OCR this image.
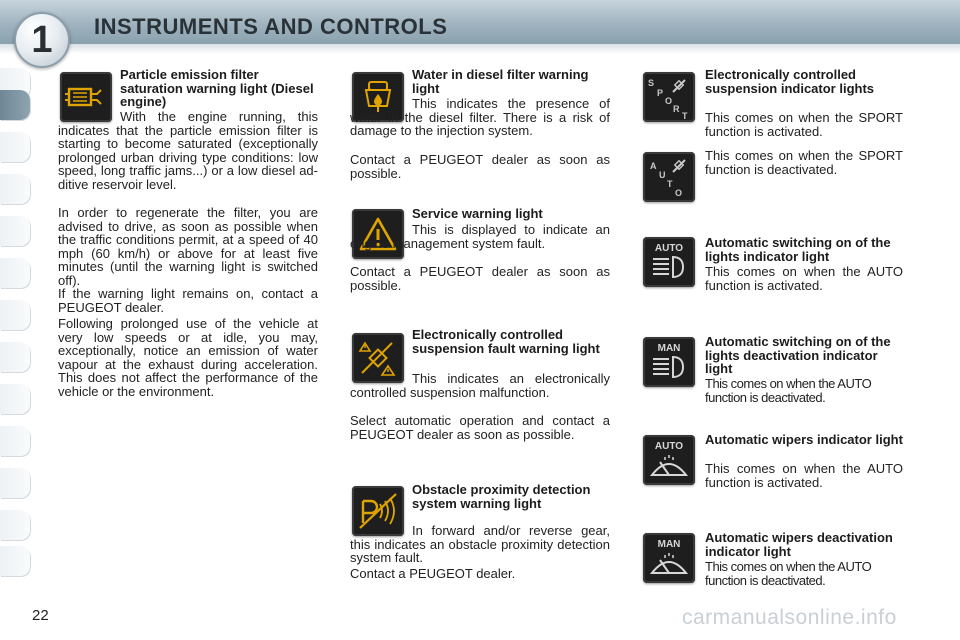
1	INSTRUMENTS AND CONTROLS
Particle emission filter saturation warning light (Diesel engine)
With the engine running, this indicates that the particle emission filter is starting to become saturated (exceptionally prolonged urban driving type conditions: low speed, long traffic jams...) or a low diesel additive reservoir level.
In order to regenerate the filter, you are advised to drive, as soon as possible when the traffic conditions permit, at a speed of 40 mph (60 km/h) or above for at least five minutes (until the warning light is switched off).
If the warning light remains on, contact a PEUGEOT dealer.
Following prolonged use of the vehicle at very low speeds or at idle, you may, exceptionally, notice an emission of water vapour at the exhaust during acceleration. This does not affect the performance of the vehicle or the environment.
Water in diesel filter warning light
This indicates the presence of water in the diesel filter. There is a risk of damage to the injection system.
Contact a PEUGEOT dealer as soon as possible.
Service warning light
This is displayed to indicate an engine management system fault.
Contact a PEUGEOT dealer as soon as possible.
Electronically controlled suspension fault warning light
This indicates an electronically controlled suspension malfunction.
Select automatic operation and contact a PEUGEOT dealer as soon as possible.
Obstacle proximity detection system warning light
In forward and/or reverse gear, this indicates an obstacle proximity detection system fault.
Contact a PEUGEOT dealer.
S
P
O
R
T
Electronically controlled suspension indicator lights
This comes on when the SPORT function is activated.
A
U
T
O
This comes on when the SPORT function is deactivated.
AUTO Automatic switching on of the lights indicator light
This comes on when the AUTO function is activated.
MAN Automatic switching on of the lights deactivation indicator light
This comes on when the AUTO function is deactivated.
AUTO Automatic wipers indicator light
This comes on when the AUTO function is activated.
MAN Automatic wipers deactivation indicator light
This comes on when the AUTO function is deactivated.
22	carmanualsonline.info
